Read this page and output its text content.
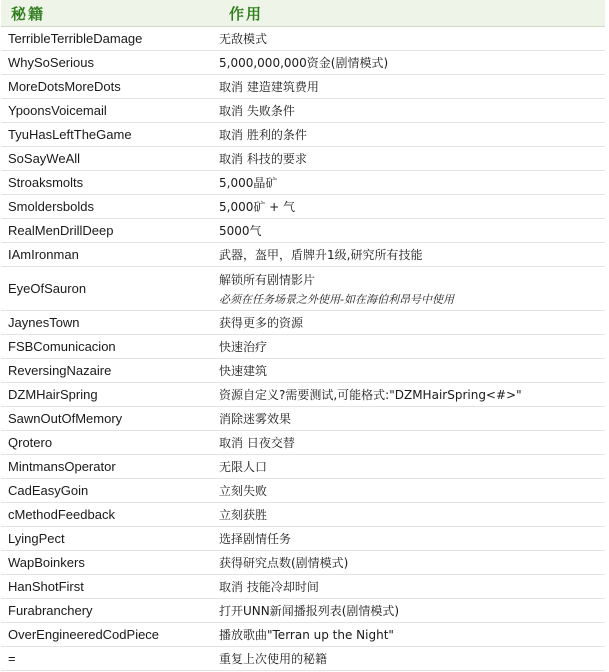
秘籍	作用
TerribleTerribleDamage	无敌模式
WhySoSerious	5,000,000,000资金(剧情模式)
MoreDotsMoreDots	取消 建造建筑费用
YpoonsVoicemail	取消 失败条件
TyuHasLeftTheGame	取消 胜利的条件
SoSayWeAll	取消 科技的要求
Stroaksmolts	5,000晶矿
Smoldersbolds	5,000矿 + 气
RealMenDrillDeep	5000气
IAmIronman	武器，盔甲，盾牌升1级,研究所有技能
EyeOfSauron	解锁所有剧情影片
必须在任务场景之外使用-如在海伯利昂号中使用

JaynesTown	获得更多的资源
FSBComunicacion	快速治疗
ReversingNazaire	快速建筑
DZMHairSpring	资源自定义?需要测试,可能格式:"DZMHairSpring<#>"
SawnOutOfMemory	消除迷雾效果
Qrotero	取消 日夜交替
MintmansOperator	无限人口
CadEasyGoin	立刻失败
cMethodFeedback	立刻获胜
LyingPect	选择剧情任务
WapBoinkers	获得研究点数(剧情模式)
HanShotFirst	取消 技能冷却时间
Furabranchery	打开UNN新闻播报列表(剧情模式)
OverEngineeredCodPiece	播放歌曲"Terran up the Night"
=	重复上次使用的秘籍
